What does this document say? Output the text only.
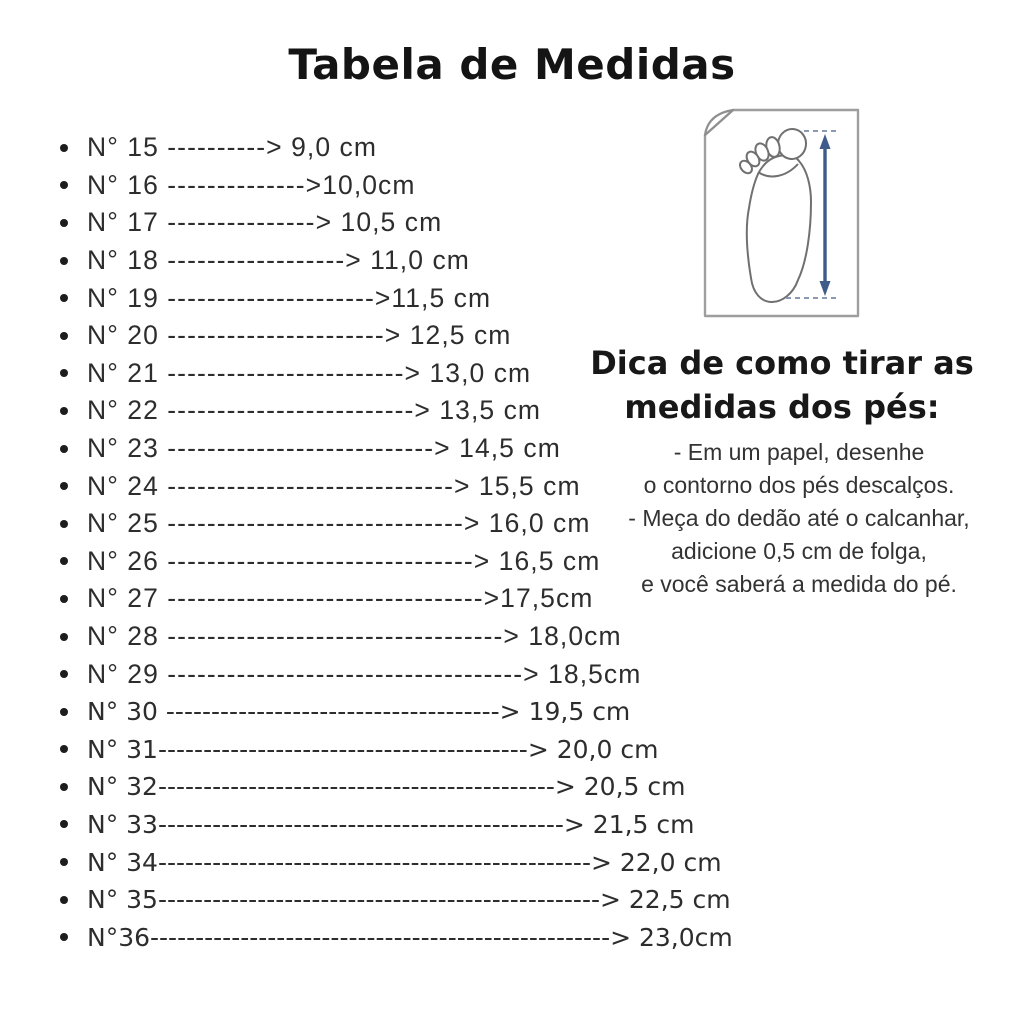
Tabela de Medidas
N° 15 ----------> 9,0 cm
N° 16 -------------->10,0cm
N° 17 ---------------> 10,5 cm
N° 18 ------------------> 11,0 cm
N° 19 --------------------->11,5 cm
N° 20 ----------------------> 12,5 cm
N° 21 ------------------------> 13,0 cm
N° 22 -------------------------> 13,5 cm
N° 23 ---------------------------> 14,5 cm
N° 24 -----------------------------> 15,5 cm
N° 25 ------------------------------> 16,0 cm
N° 26 -------------------------------> 16,5 cm
N° 27 -------------------------------->17,5cm
N° 28 ----------------------------------> 18,0cm
N° 29 ------------------------------------> 18,5cm
N° 30 -------------------------------------> 19,5 cm
N° 31-----------------------------------------> 20,0 cm
N° 32--------------------------------------------> 20,5 cm
N° 33---------------------------------------------> 21,5 cm
N° 34------------------------------------------------> 22,0 cm
N° 35-------------------------------------------------> 22,5 cm
N°36---------------------------------------------------> 23,0cm
Dica de como tirar as
medidas dos pés:
- Em um papel, desenhe
o contorno dos pés descalços.
- Meça do dedão até o calcanhar,
adicione 0,5 cm de folga,
e você saberá a medida do pé.
